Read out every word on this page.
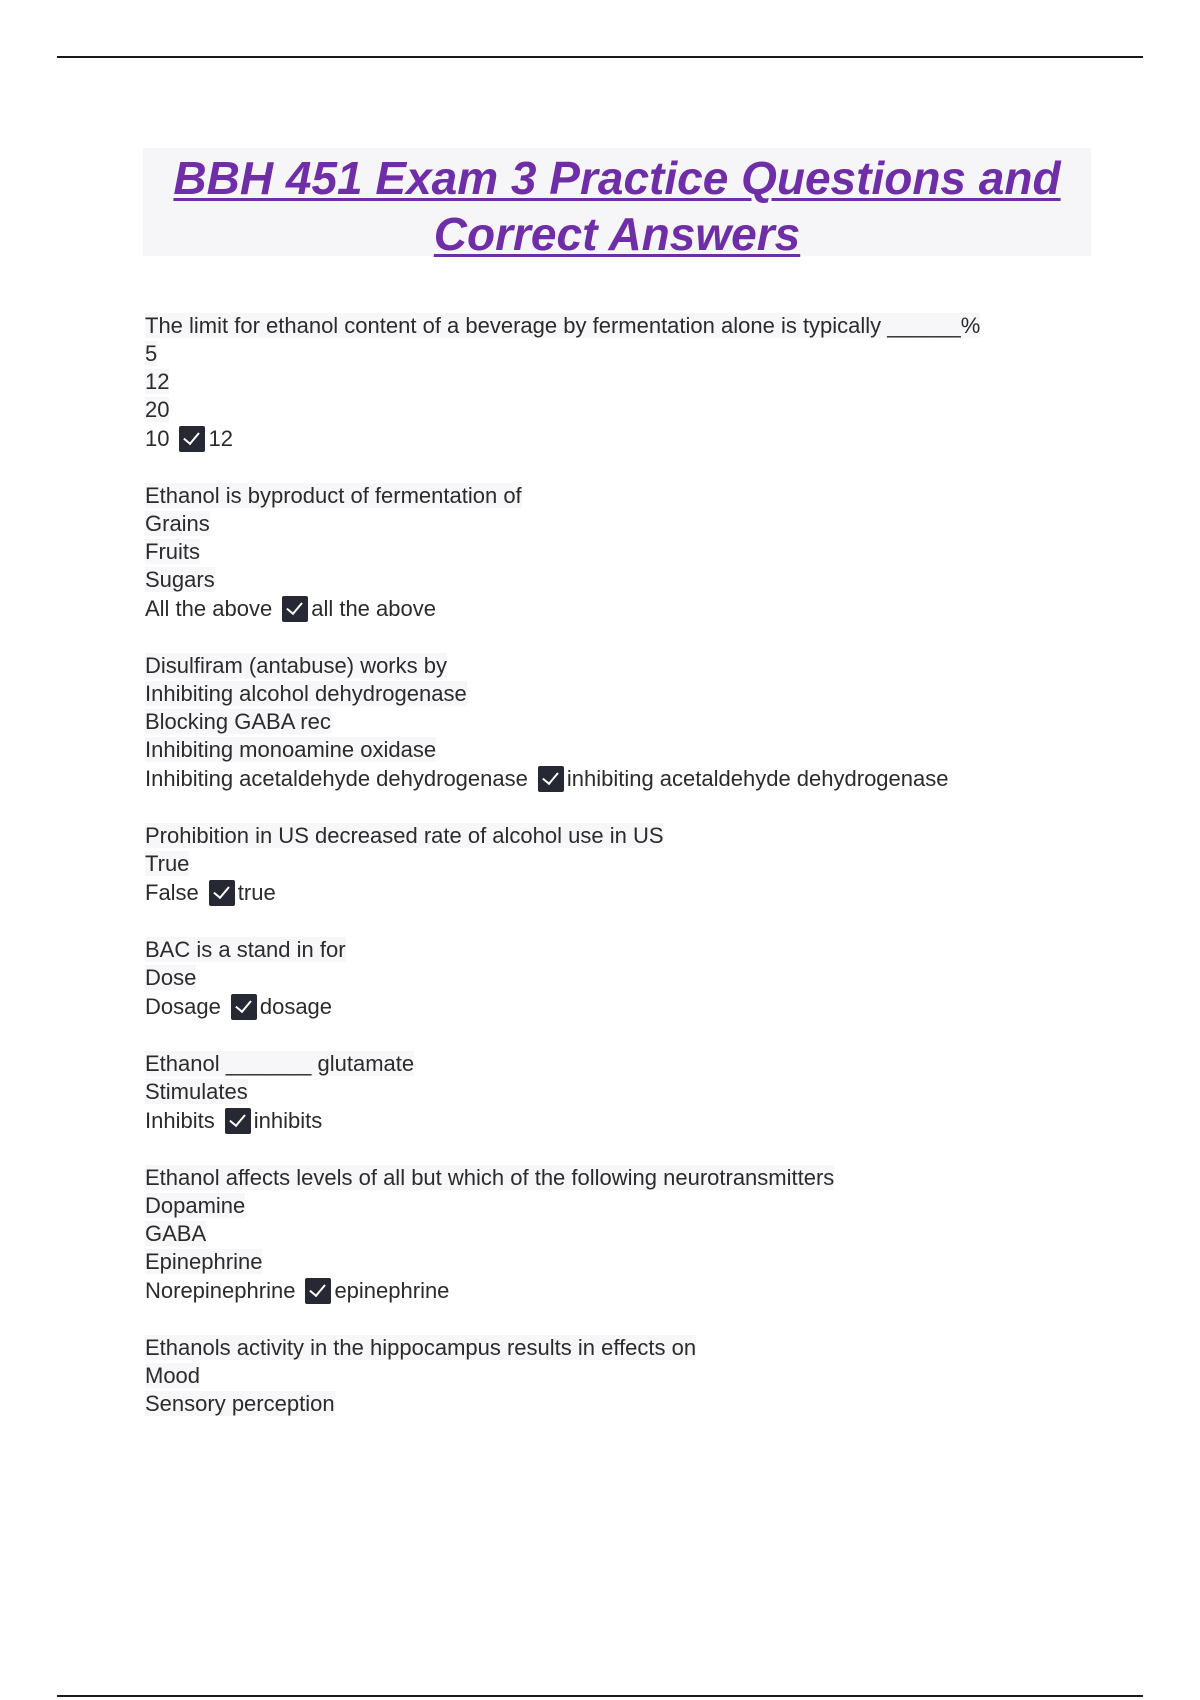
BBH 451 Exam 3 Practice Questions and Correct Answers
The limit for ethanol content of a beverage by fermentation alone is typically ______%
5
12
20
10 12
Ethanol is byproduct of fermentation of
Grains
Fruits
Sugars
All the above all the above
Disulfiram (antabuse) works by
Inhibiting alcohol dehydrogenase
Blocking GABA rec
Inhibiting monoamine oxidase
Inhibiting acetaldehyde dehydrogenase inhibiting acetaldehyde dehydrogenase
Prohibition in US decreased rate of alcohol use in US
True
False true
BAC is a stand in for
Dose
Dosage dosage
Ethanol _______ glutamate
Stimulates
Inhibits inhibits
Ethanol affects levels of all but which of the following neurotransmitters
Dopamine
GABA
Epinephrine
Norepinephrine epinephrine
Ethanols activity in the hippocampus results in effects on
Mood
Sensory perception
